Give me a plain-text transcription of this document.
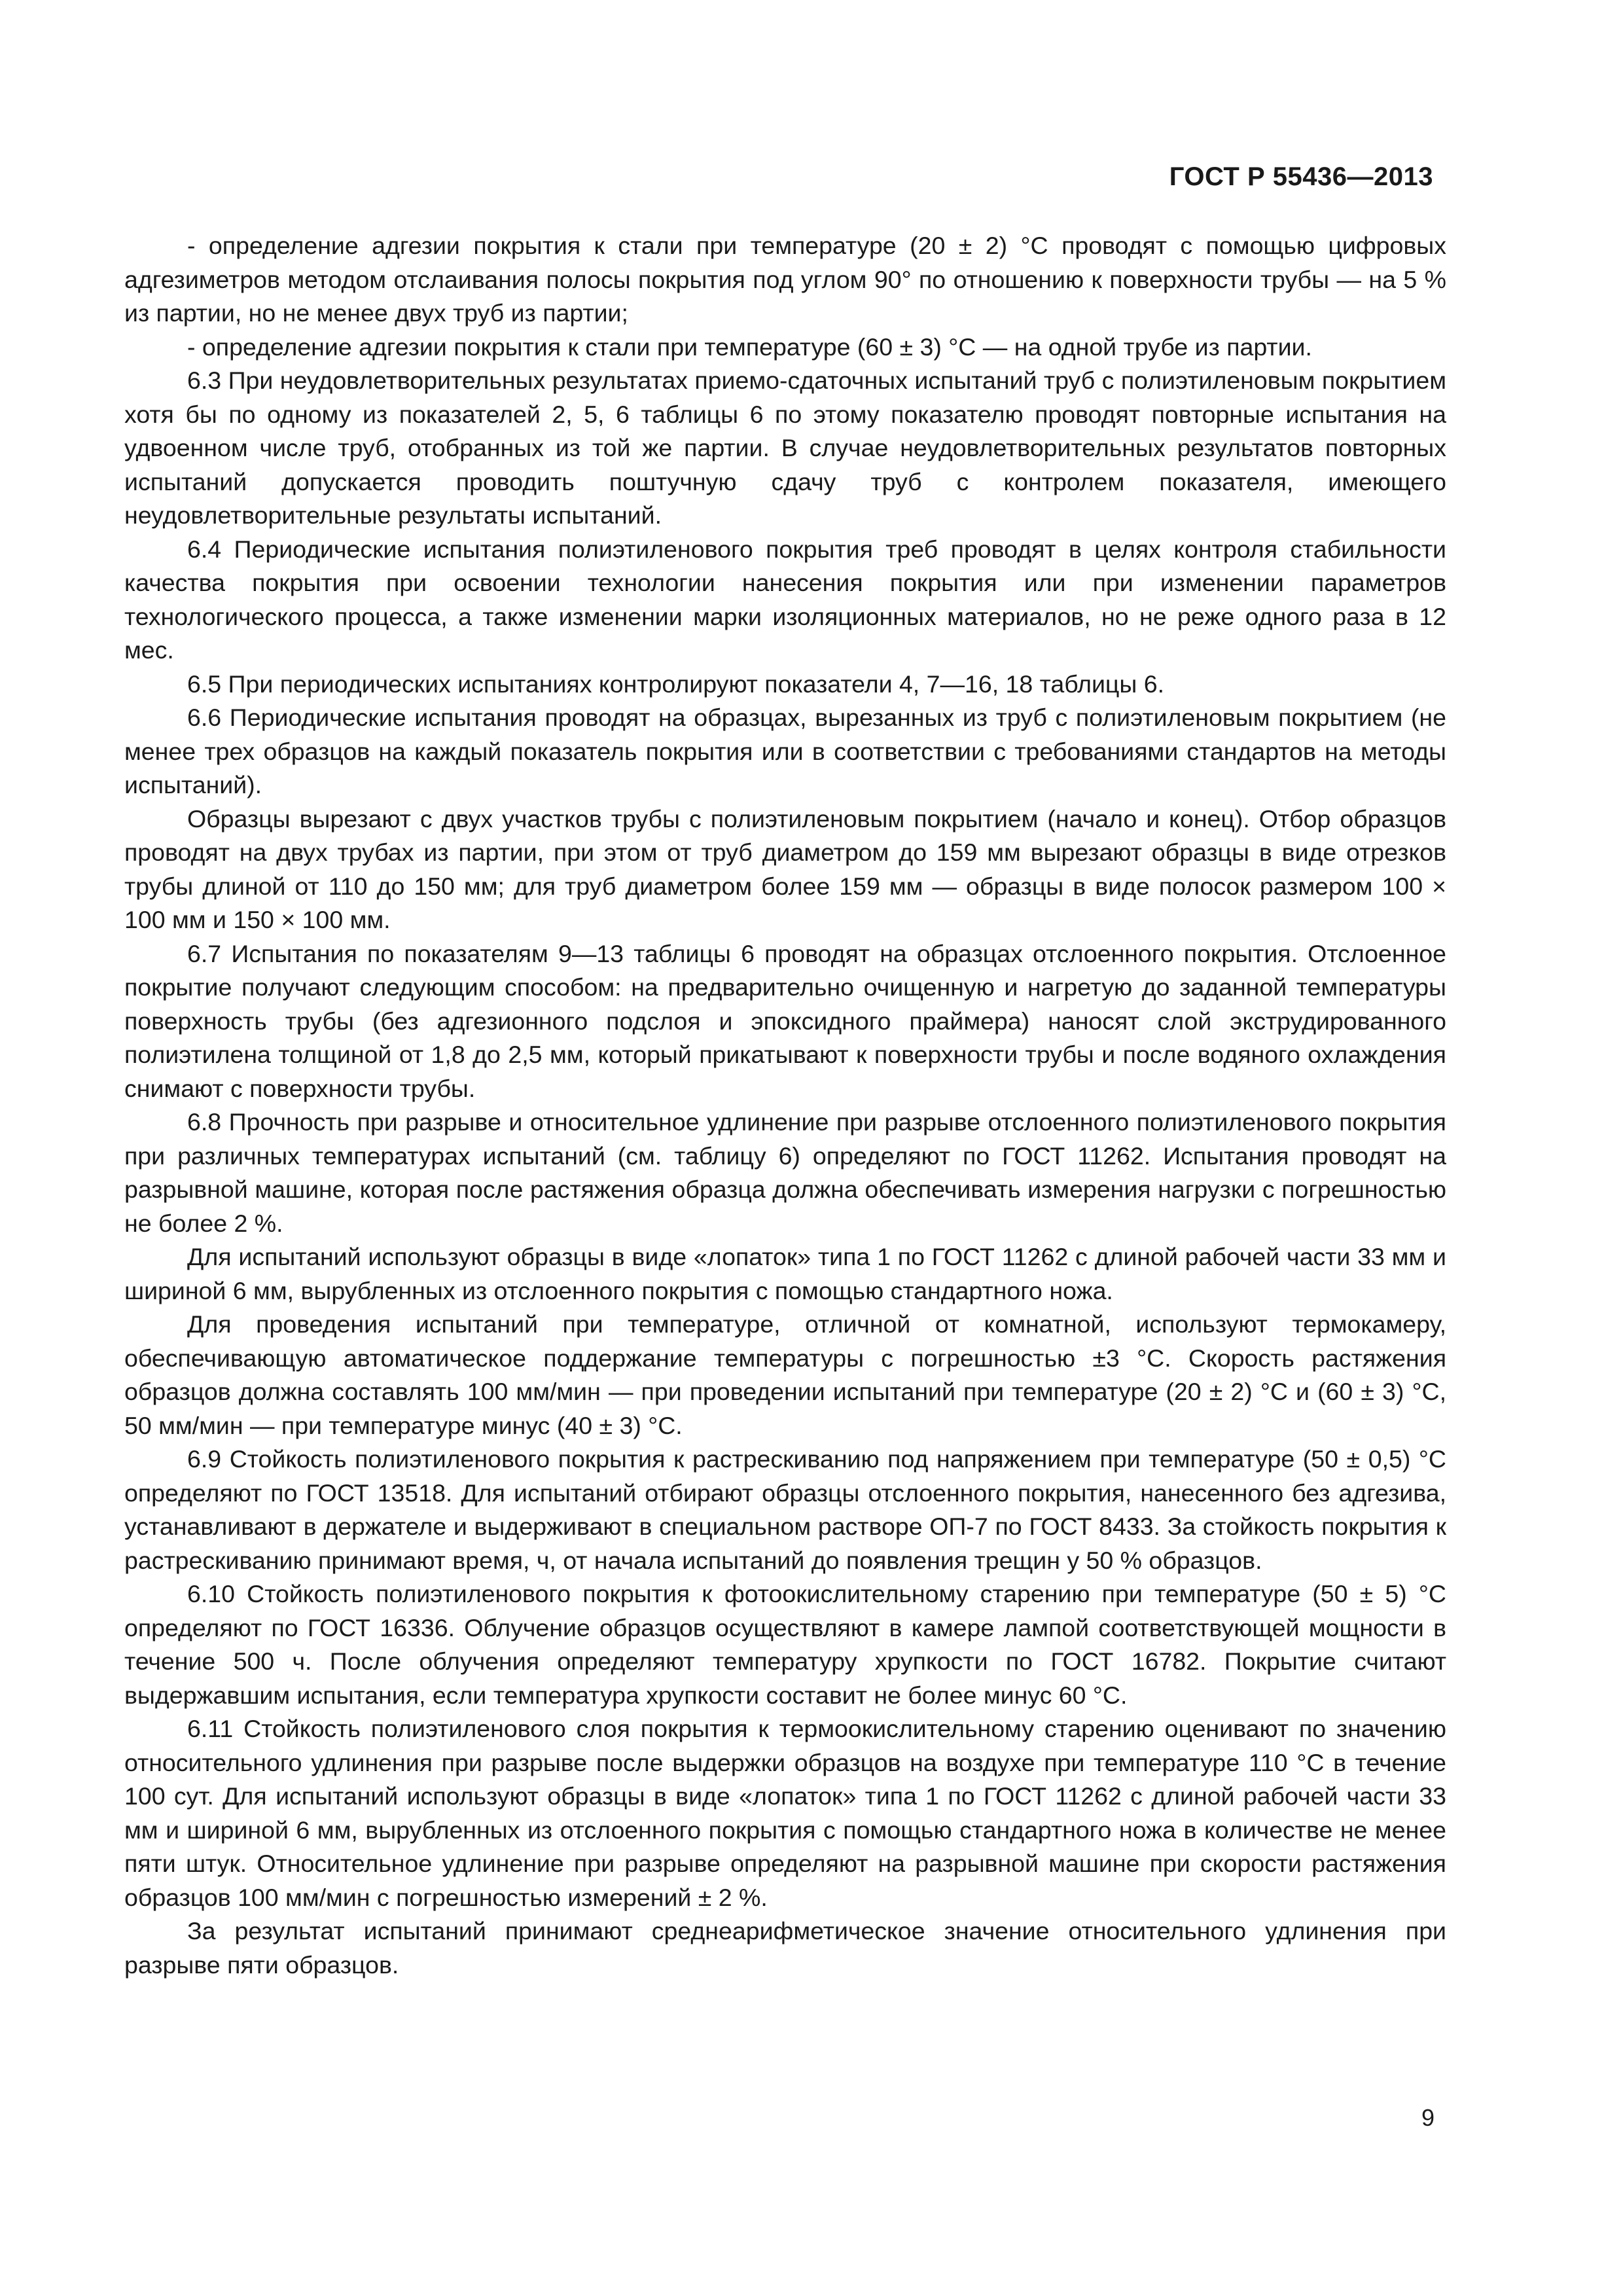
ГОСТ Р 55436—2013

- определение адгезии покрытия к стали при температуре (20 ± 2) °С проводят с помощью цифровых адгезиметров методом отслаивания полосы покрытия под углом 90° по отношению к поверхности трубы — на 5 % из партии, но не менее двух труб из партии;

- определение адгезии покрытия к стали при температуре (60 ± 3) °С — на одной трубе из партии.

6.3 При неудовлетворительных результатах приемо-сдаточных испытаний труб с полиэтиленовым покрытием хотя бы по одному из показателей 2, 5, 6 таблицы 6 по этому показателю проводят повторные испытания на удвоенном числе труб, отобранных из той же партии. В случае неудовлетворительных результатов повторных испытаний допускается проводить поштучную сдачу труб с контролем показателя, имеющего неудовлетворительные результаты испытаний.

6.4 Периодические испытания полиэтиленового покрытия треб проводят в целях контроля стабильности качества покрытия при освоении технологии нанесения покрытия или при изменении параметров технологического процесса, а также изменении марки изоляционных материалов, но не реже одного раза в 12 мес.

6.5 При периодических испытаниях контролируют показатели 4, 7—16, 18 таблицы 6.

6.6 Периодические испытания проводят на образцах, вырезанных из труб с полиэтиленовым покрытием (не менее трех образцов на каждый показатель покрытия или в соответствии с требованиями стандартов на методы испытаний).

Образцы вырезают с двух участков трубы с полиэтиленовым покрытием (начало и конец). Отбор образцов проводят на двух трубах из партии, при этом от труб диаметром до 159 мм вырезают образцы в виде отрезков трубы длиной от 110 до 150 мм; для труб диаметром более 159 мм — образцы в виде полосок размером 100 × 100 мм и 150 × 100 мм.

6.7 Испытания по показателям 9—13 таблицы 6 проводят на образцах отслоенного покрытия. Отслоенное покрытие получают следующим способом: на предварительно очищенную и нагретую до заданной температуры поверхность трубы (без адгезионного подслоя и эпоксидного праймера) наносят слой экструдированного полиэтилена толщиной от 1,8 до 2,5 мм, который прикатывают к поверхности трубы и после водяного охлаждения снимают с поверхности трубы.

6.8 Прочность при разрыве и относительное удлинение при разрыве отслоенного полиэтиленового покрытия при различных температурах испытаний (см. таблицу 6) определяют по ГОСТ 11262. Испытания проводят на разрывной машине, которая после растяжения образца должна обеспечивать измерения нагрузки с погрешностью не более 2 %.

Для испытаний используют образцы в виде «лопаток» типа 1 по ГОСТ 11262 с длиной рабочей части 33 мм и шириной 6 мм, вырубленных из отслоенного покрытия с помощью стандартного ножа.

Для проведения испытаний при температуре, отличной от комнатной, используют термокамеру, обеспечивающую автоматическое поддержание температуры с погрешностью ±3 °С. Скорость растяжения образцов должна составлять 100 мм/мин — при проведении испытаний при температуре (20 ± 2) °С и (60 ± 3) °С, 50 мм/мин — при температуре минус (40 ± 3) °С.

6.9 Стойкость полиэтиленового покрытия к растрескиванию под напряжением при температуре (50 ± 0,5) °С определяют по ГОСТ 13518. Для испытаний отбирают образцы отслоенного покрытия, нанесенного без адгезива, устанавливают в держателе и выдерживают в специальном растворе ОП-7 по ГОСТ 8433. За стойкость покрытия к растрескиванию принимают время, ч, от начала испытаний до появления трещин у 50 % образцов.

6.10 Стойкость полиэтиленового покрытия к фотоокислительному старению при температуре (50 ± 5) °С определяют по ГОСТ 16336. Облучение образцов осуществляют в камере лампой соответствующей мощности в течение 500 ч. После облучения определяют температуру хрупкости по ГОСТ 16782. Покрытие считают выдержавшим испытания, если температура хрупкости составит не более минус 60 °С.

6.11 Стойкость полиэтиленового слоя покрытия к термоокислительному старению оценивают по значению относительного удлинения при разрыве после выдержки образцов на воздухе при температуре 110 °С в течение 100 сут. Для испытаний используют образцы в виде «лопаток» типа 1 по ГОСТ 11262 с длиной рабочей части 33 мм и шириной 6 мм, вырубленных из отслоенного покрытия с помощью стандартного ножа в количестве не менее пяти штук. Относительное удлинение при разрыве определяют на разрывной машине при скорости растяжения образцов 100 мм/мин с погрешностью измерений ± 2 %.

За результат испытаний принимают среднеарифметическое значение относительного удлинения при разрыве пяти образцов.

9
